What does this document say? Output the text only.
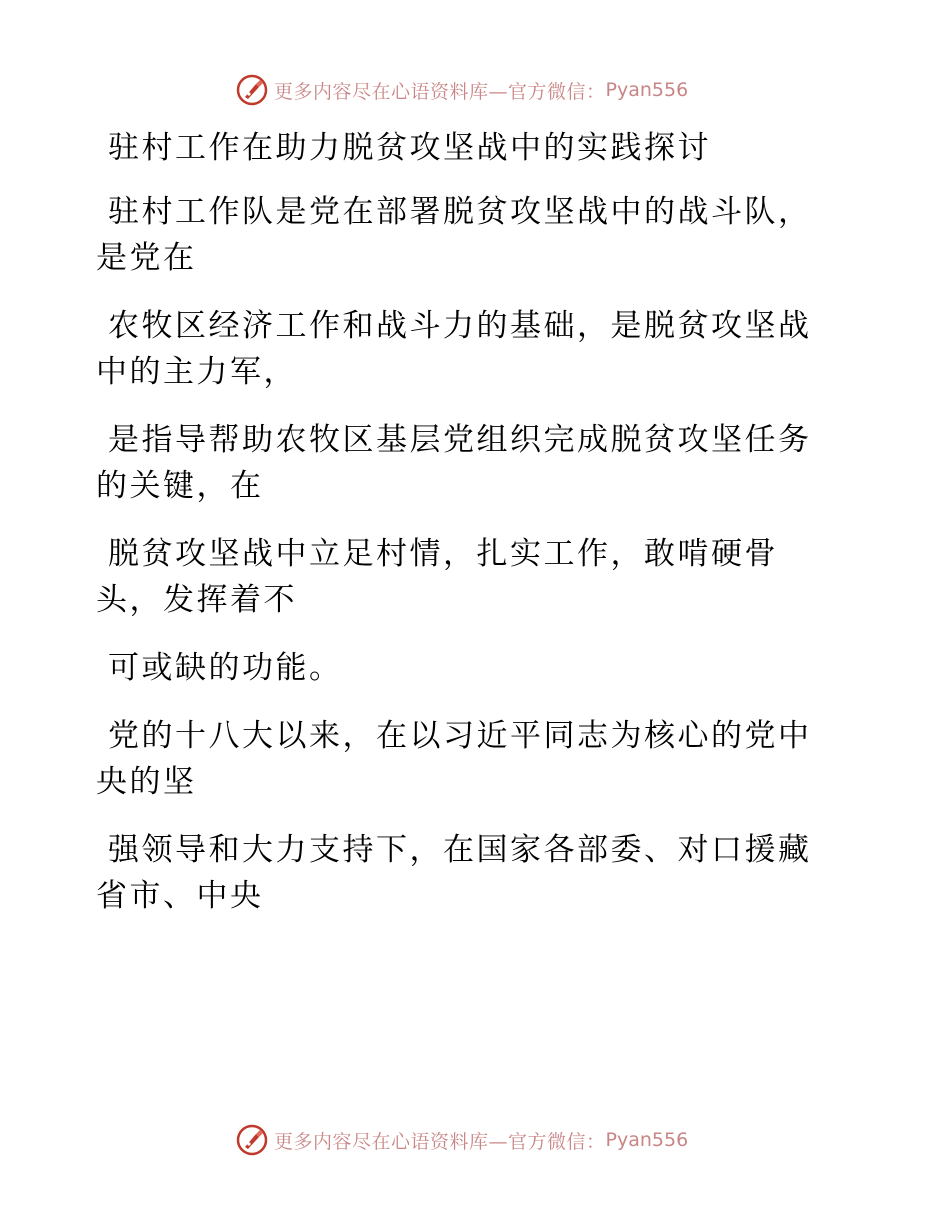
更多内容尽在心语资料库—官方微信： Pyan556
驻村工作在助力脱贫攻坚战中的实践探讨
驻村工作队是党在部署脱贫攻坚战中的战斗队，
是党在
农牧区经济工作和战斗力的基础，是脱贫攻坚战
中的主力军，
是指导帮助农牧区基层党组织完成脱贫攻坚任务
的关键，在
脱贫攻坚战中立足村情，扎实工作，敢啃硬骨
头，发挥着不
可或缺的功能。
党的十八大以来，在以习近平同志为核心的党中
央的坚
强领导和大力支持下，在国家各部委、对口援藏
省市、中央
更多内容尽在心语资料库—官方微信： Pyan556
